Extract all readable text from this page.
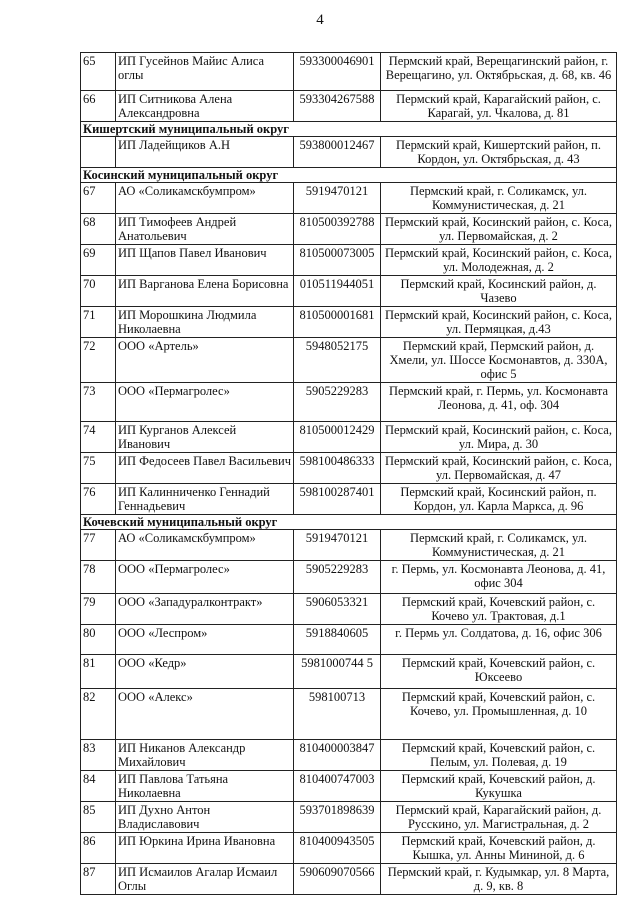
4
65	ИП Гусейнов Майис Алиса оглы	593300046901	Пермский край, Верещагинский район, г. Верещагино, ул. Октябрьская, д. 68, кв. 46

66	ИП Ситникова Алена Александровна	593304267588	Пермский край, Карагайский район, с. Карагай, ул. Чкалова, д. 81

Кишертский муниципальный округ			

	ИП Ладейщиков А.Н	593800012467	Пермский край, Кишертский район, п. Кордон, ул. Октябрьская, д. 43

Косинский муниципальный округ			

67	АО «Соликамскбумпром»	5919470121	Пермский край, г. Соликамск, ул. Коммунистическая, д. 21

68	ИП Тимофеев Андрей Анатольевич	810500392788	Пермский край, Косинский район, с. Коса, ул. Первомайская, д. 2

69	ИП Щапов Павел Иванович	810500073005	Пермский край, Косинский район, с. Коса, ул. Молодежная, д. 2

70	ИП Варганова Елена Борисовна	010511944051	Пермский край, Косинский район, д. Чазево

71	ИП Морошкина Людмила Николаевна	810500001681	Пермский край, Косинский район, с. Коса, ул. Пермяцкая, д.43

72	ООО «Артель»	5948052175	Пермский край, Пермский район, д. Хмели, ул. Шоссе Космонавтов, д. 330А, офис 5

73	ООО «Пермагролес»	5905229283	Пермский край, г. Пермь, ул. Космонавта Леонова, д. 41, оф. 304

74	ИП Курганов Алексей Иванович	810500012429	Пермский край, Косинский район, с. Коса, ул. Мира, д. 30

75	ИП Федосеев Павел Васильевич	598100486333	Пермский край, Косинский район, с. Коса, ул. Первомайская, д. 47

76	ИП Калинниченко Геннадий Геннадьевич	598100287401	Пермский край, Косинский район, п. Кордон, ул. Карла Маркса, д. 96

Кочевский муниципальный округ			

77	АО «Соликамскбумпром»	5919470121	Пермский край, г. Соликамск, ул. Коммунистическая, д. 21

78	ООО «Пермагролес»	5905229283	г. Пермь, ул. Космонавта Леонова, д. 41, офис 304

79	ООО «Западуралконтракт»	5906053321	Пермский край, Кочевский район, с. Кочево ул. Трактовая, д.1

80	ООО «Леспром»	5918840605	г. Пермь ул. Солдатова, д. 16, офис 306

81	ООО «Кедр»	5981000744 5	Пермский край, Кочевский район, с. Юксеево

82	ООО «Алекс»	598100713	Пермский край, Кочевский район, с. Кочево, ул. Промышленная, д. 10

83	ИП Никанов Александр Михайлович	810400003847	Пермский край, Кочевский район, с. Пелым, ул. Полевая, д. 19

84	ИП Павлова Татьяна Николаевна	810400747003	Пермский край, Кочевский район, д. Кукушка

85	ИП Духно Антон Владиславович	593701898639	Пермский край, Карагайский район, д. Русскино, ул. Магистральная, д. 2

86	ИП Юркина Ирина Ивановна	810400943505	Пермский край, Кочевский район, д. Кышка, ул. Анны Мининой, д. 6

87	ИП Исмаилов Агалар Исмаил Оглы	590609070566	Пермский край, г. Кудымкар, ул. 8 Марта, д. 9, кв. 8
